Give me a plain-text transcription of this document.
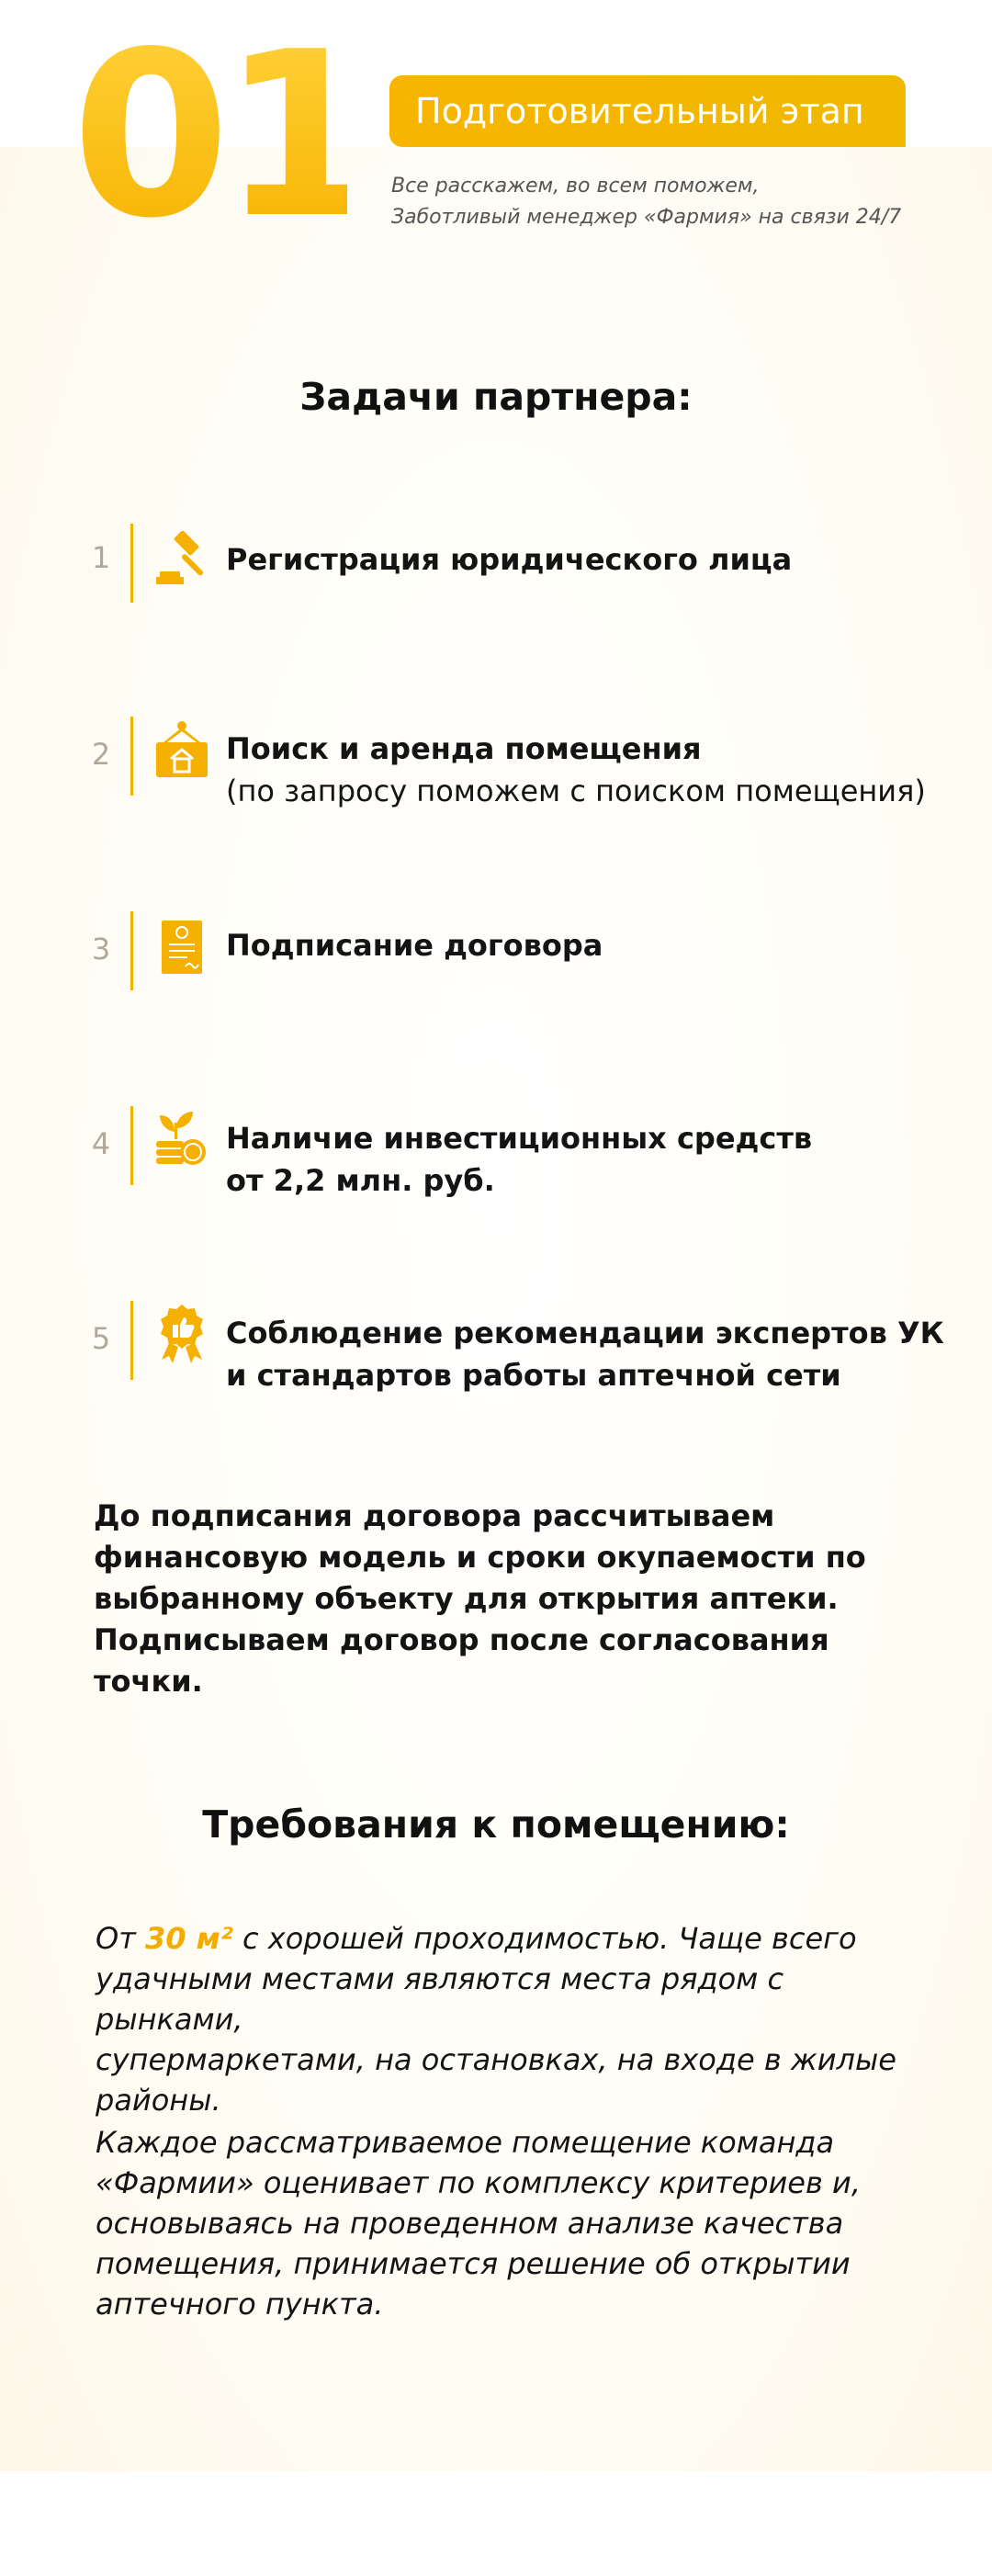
01	Подготовительный этап
Все расскажем, во всем поможем,
Заботливый менеджер «Фармия» на связи 24/7
Задачи партнера:
1	Регистрация юридического лица
2	Поиск и аренда помещения
(по запросу поможем с поиском помещения)
3	Подписание договора
4	Наличие инвестиционных средств
от 2,2 млн. руб.
5	Соблюдение рекомендации экспертов УК
и стандартов работы аптечной сети
До подписания договора рассчитываем
финансовую модель и сроки окупаемости по
выбранному объекту для открытия аптеки.
Подписываем договор после согласования точки.
Требования к помещению:
От 30 м² с хорошей проходимостью. Чаще всего
удачными местами являются места рядом с рынками,
супермаркетами, на остановках, на входе в жилые
районы.
Каждое рассматриваемое помещение команда
«Фармии» оценивает по комплексу критериев и,
основываясь на проведенном анализе качества
помещения, принимается решение об открытии
аптечного пункта.
